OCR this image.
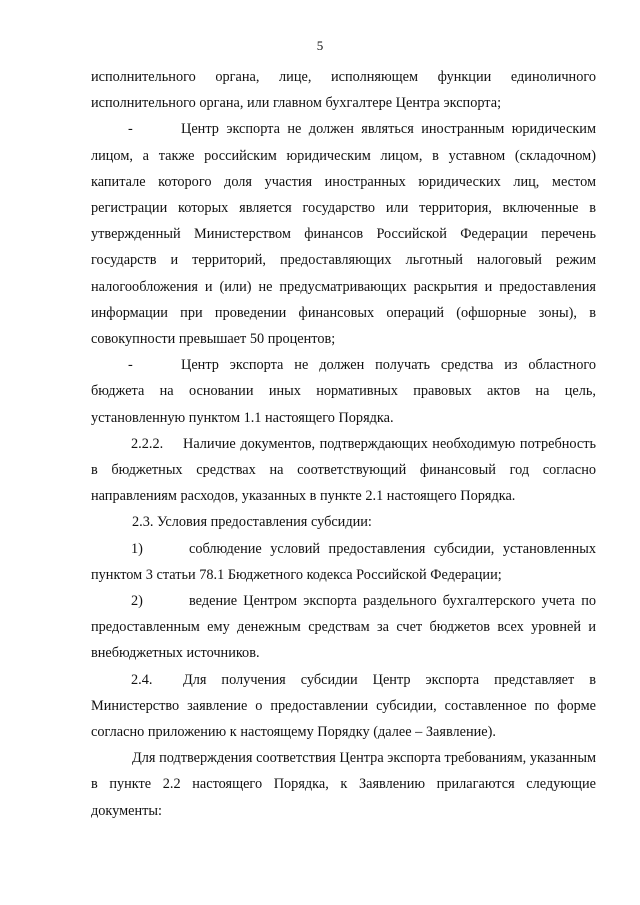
5

исполнительного органа, лице, исполняющем функции единоличного исполнительного органа, или главном бухгалтере Центра экспорта;

-	Центр экспорта не должен являться иностранным юридическим лицом, а также российским юридическим лицом, в уставном (складочном) капитале которого доля участия иностранных юридических лиц, местом регистрации которых является государство или территория, включенные в утвержденный Министерством финансов Российской Федерации перечень государств и территорий, предоставляющих льготный налоговый режим налогообложения и (или) не предусматривающих раскрытия и предоставления информации при проведении финансовых операций (офшорные зоны), в совокупности превышает 50 процентов;

-	Центр экспорта не должен получать средства из областного бюджета на основании иных нормативных правовых актов на цель, установленную пунктом 1.1 настоящего Порядка.

2.2.2. Наличие документов, подтверждающих необходимую потребность в бюджетных средствах на соответствующий финансовый год согласно направлениям расходов, указанных в пункте 2.1 настоящего Порядка.

2.3. Условия предоставления субсидии:

1)	соблюдение условий предоставления субсидии, установленных пунктом 3 статьи 78.1 Бюджетного кодекса Российской Федерации;

2)	ведение Центром экспорта раздельного бухгалтерского учета по предоставленным ему денежным средствам за счет бюджетов всех уровней и внебюджетных источников.

2.4. Для получения субсидии Центр экспорта представляет в Министерство заявление о предоставлении субсидии, составленное по форме согласно приложению к настоящему Порядку (далее – Заявление).

Для подтверждения соответствия Центра экспорта требованиям, указанным в пункте 2.2 настоящего Порядка, к Заявлению прилагаются следующие документы:
